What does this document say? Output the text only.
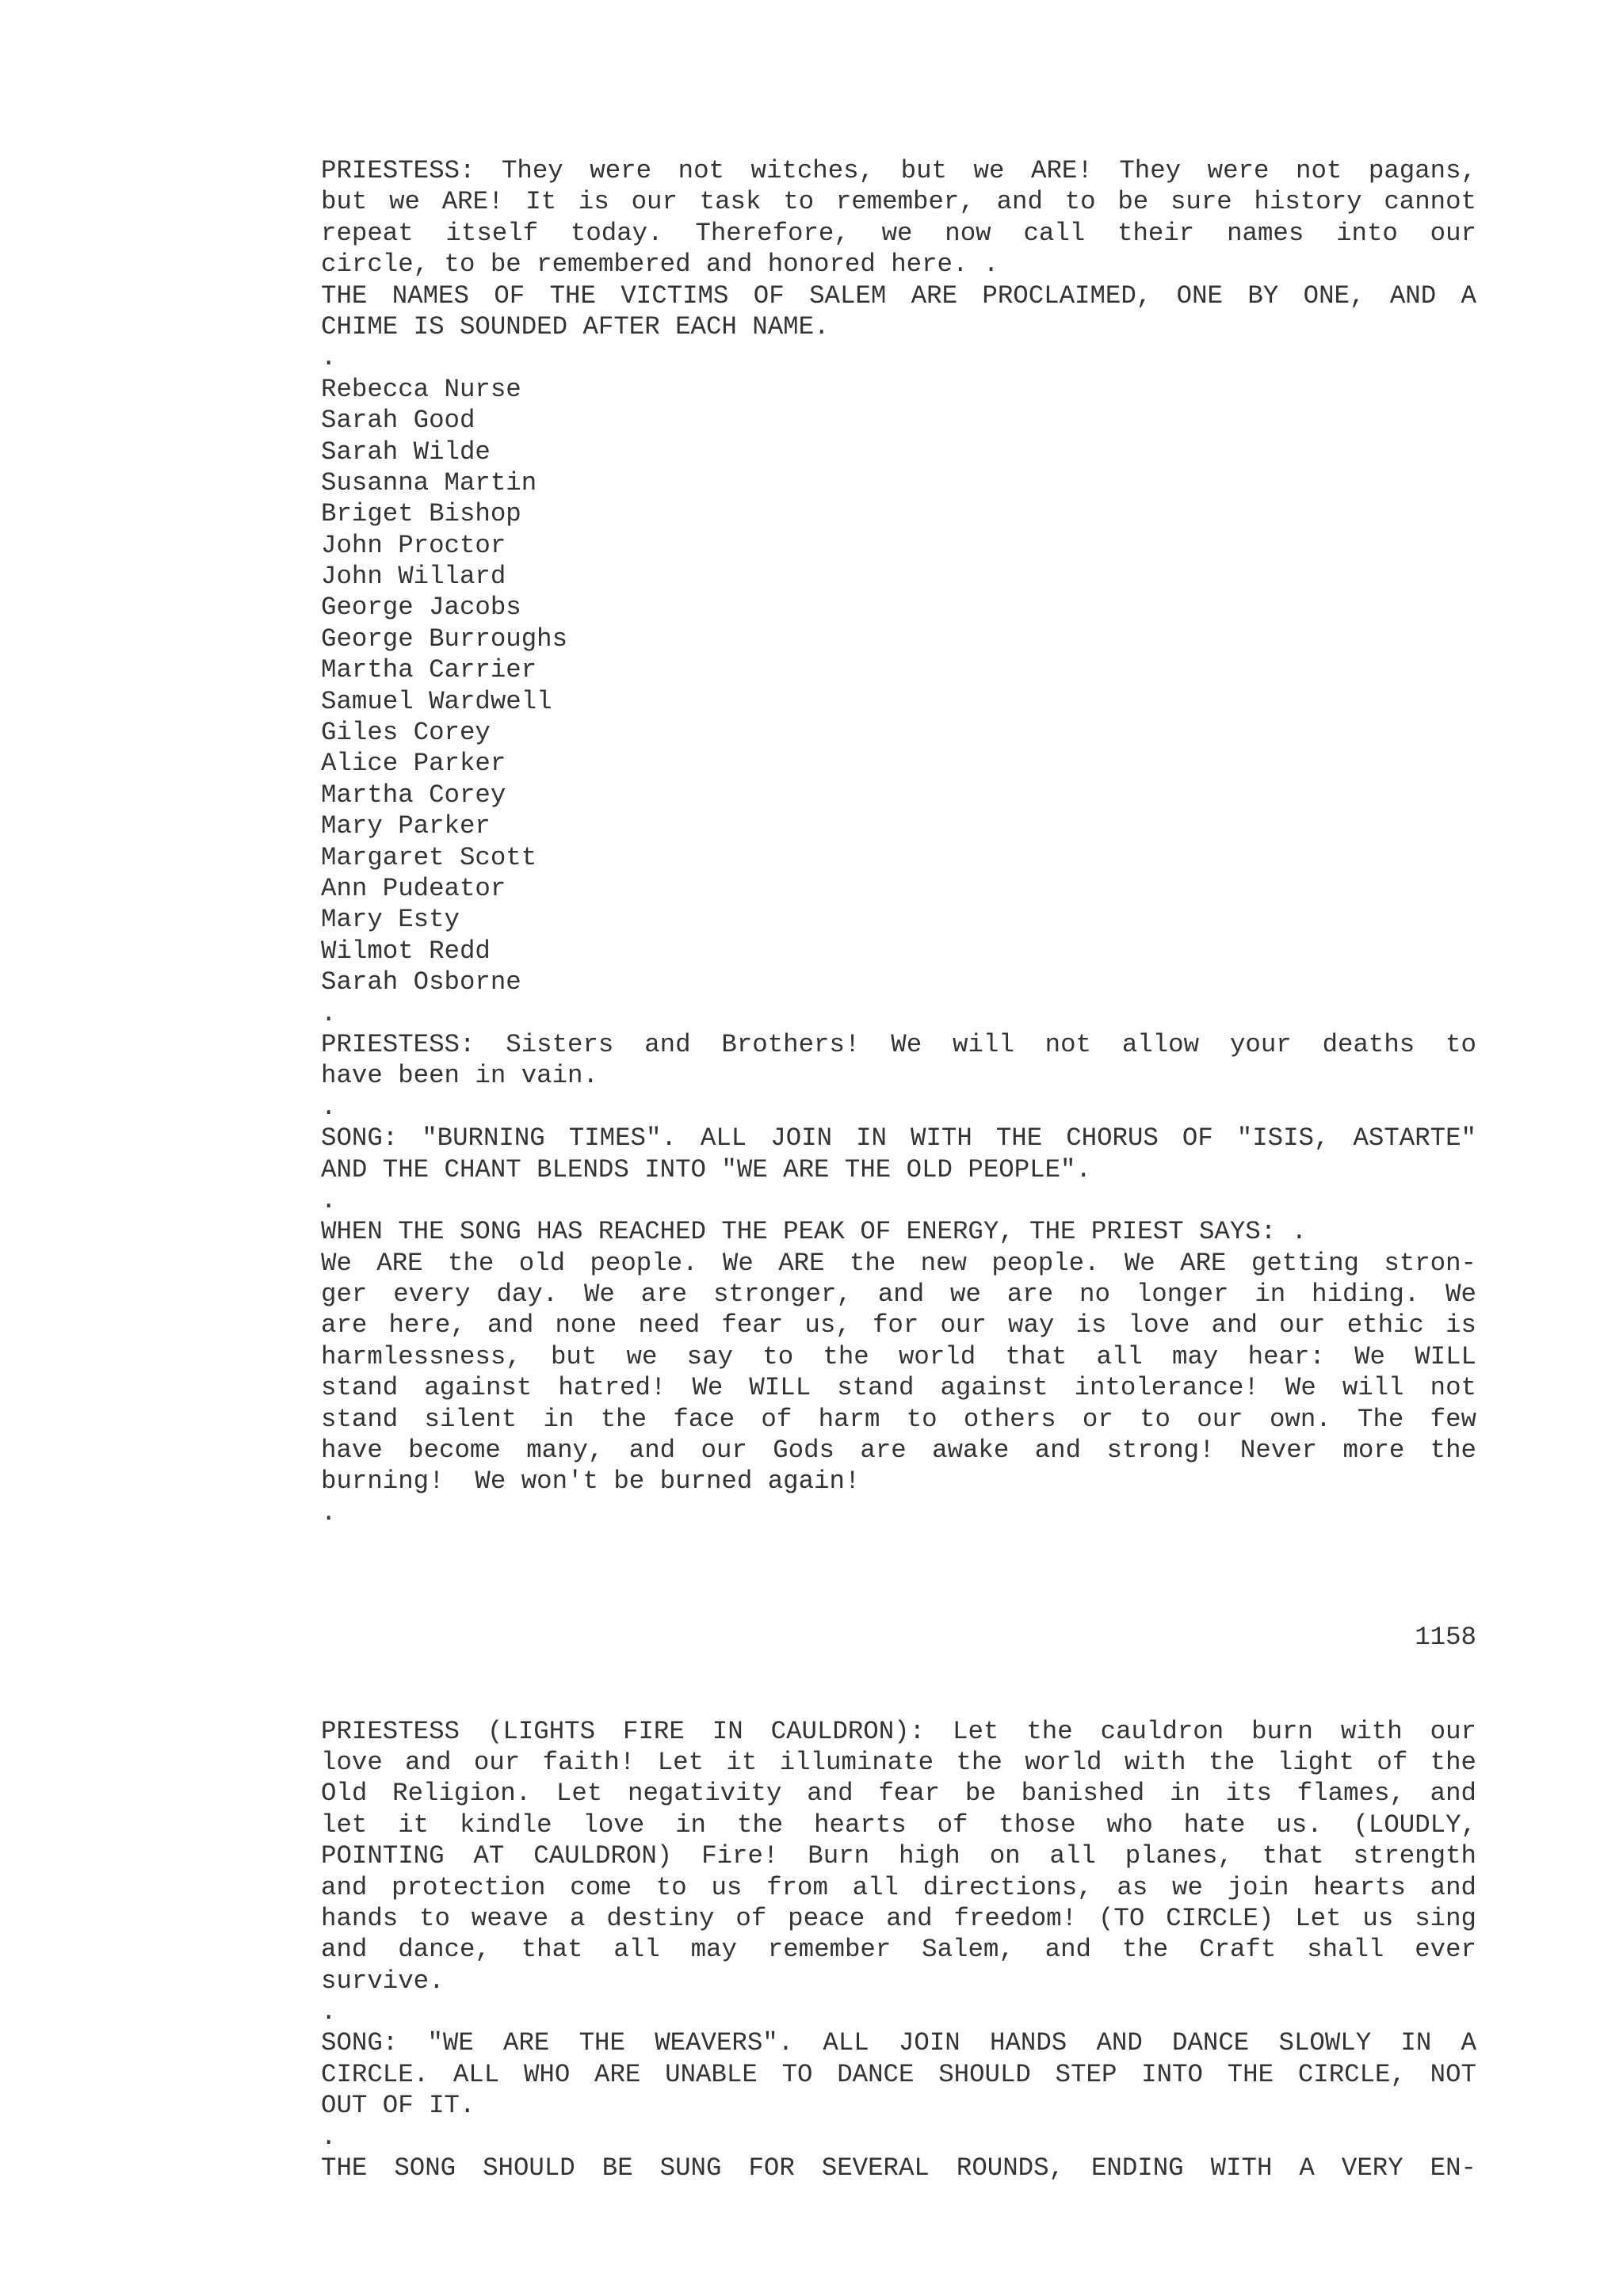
PRIESTESS: They were not witches, but we ARE! They were not pagans,
but we ARE! It is our task to remember, and to be sure history cannot
repeat itself today. Therefore, we now call their names into our
circle, to be remembered and honored here. .
THE NAMES OF THE VICTIMS OF SALEM ARE PROCLAIMED, ONE BY ONE, AND A
CHIME IS SOUNDED AFTER EACH NAME.
.
Rebecca Nurse
Sarah Good
Sarah Wilde
Susanna Martin
Briget Bishop
John Proctor
John Willard
George Jacobs
George Burroughs
Martha Carrier
Samuel Wardwell
Giles Corey
Alice Parker
Martha Corey
Mary Parker
Margaret Scott
Ann Pudeator
Mary Esty
Wilmot Redd
Sarah Osborne
.
PRIESTESS: Sisters and Brothers! We will not allow your deaths to
have been in vain.
.
SONG: "BURNING TIMES". ALL JOIN IN WITH THE CHORUS OF "ISIS, ASTARTE"
AND THE CHANT BLENDS INTO "WE ARE THE OLD PEOPLE".
.
WHEN THE SONG HAS REACHED THE PEAK OF ENERGY, THE PRIEST SAYS: .
We ARE the old people. We ARE the new people. We ARE getting stron-
ger every day. We are stronger, and we are no longer in hiding. We
are here, and none need fear us, for our way is love and our ethic is
harmlessness, but we say to the world that all may hear: We WILL
stand against hatred! We WILL stand against intolerance! We will not
stand silent in the face of harm to others or to our own. The few
have become many, and our Gods are awake and strong! Never more the
burning!  We won't be burned again!
.
1158
PRIESTESS (LIGHTS FIRE IN CAULDRON): Let the cauldron burn with our
love and our faith! Let it illuminate the world with the light of the
Old Religion. Let negativity and fear be banished in its flames, and
let it kindle love in the hearts of those who hate us. (LOUDLY,
POINTING AT CAULDRON) Fire! Burn high on all planes, that strength
and protection come to us from all directions, as we join hearts and
hands to weave a destiny of peace and freedom! (TO CIRCLE) Let us sing
and dance, that all may remember Salem, and the Craft shall ever
survive.
.
SONG: "WE ARE THE WEAVERS". ALL JOIN HANDS AND DANCE SLOWLY IN A
CIRCLE. ALL WHO ARE UNABLE TO DANCE SHOULD STEP INTO THE CIRCLE, NOT
OUT OF IT.
.
THE SONG SHOULD BE SUNG FOR SEVERAL ROUNDS, ENDING WITH A VERY EN-
